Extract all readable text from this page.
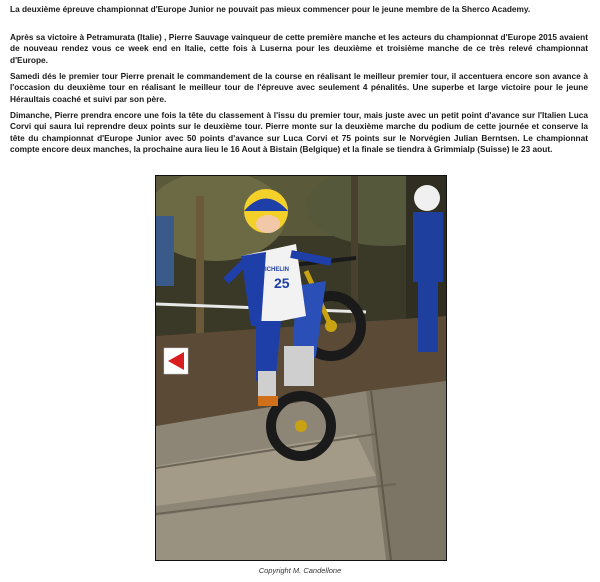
La deuxième épreuve championnat d'Europe Junior ne pouvait pas mieux commencer pour le jeune membre de la Sherco Academy.

Après sa victoire à Petramurata (Italie) , Pierre Sauvage vainqueur de cette première manche et les acteurs du championnat d'Europe 2015 avaient de nouveau rendez vous ce week end en Italie, cette fois à Luserna pour les deuxième et troisième manche de ce très relevé championnat d'Europe.

Samedi dés le premier tour Pierre prenait le commandement de la course en réalisant le meilleur premier tour, il accentuera encore son avance à l'occasion du deuxième tour en réalisant le meilleur tour de l'épreuve avec seulement 4 pénalités. Une superbe et large victoire pour le jeune Héraultais coaché et suivi par son père.

Dimanche, Pierre prendra encore une fois la tête du classement à l'issu du premier tour, mais juste avec un petit point d'avance sur l'Italien Luca Corvi qui saura lui reprendre deux points sur le deuxième tour. Pierre monte sur la deuxième marche du podium de cette journée et conserve la tête du championnat d'Europe Junior avec 50 points d'avance sur Luca Corvi et 75 points sur le Norvégien Julian Berntsen. Le championnat compte encore deux manches, la prochaine aura lieu le 16 Aout à Bistain (Belgique) et la finale se tiendra à Grimmialp (Suisse) le 23 aout.

25
MICHELIN
Copyright M. Candellone
